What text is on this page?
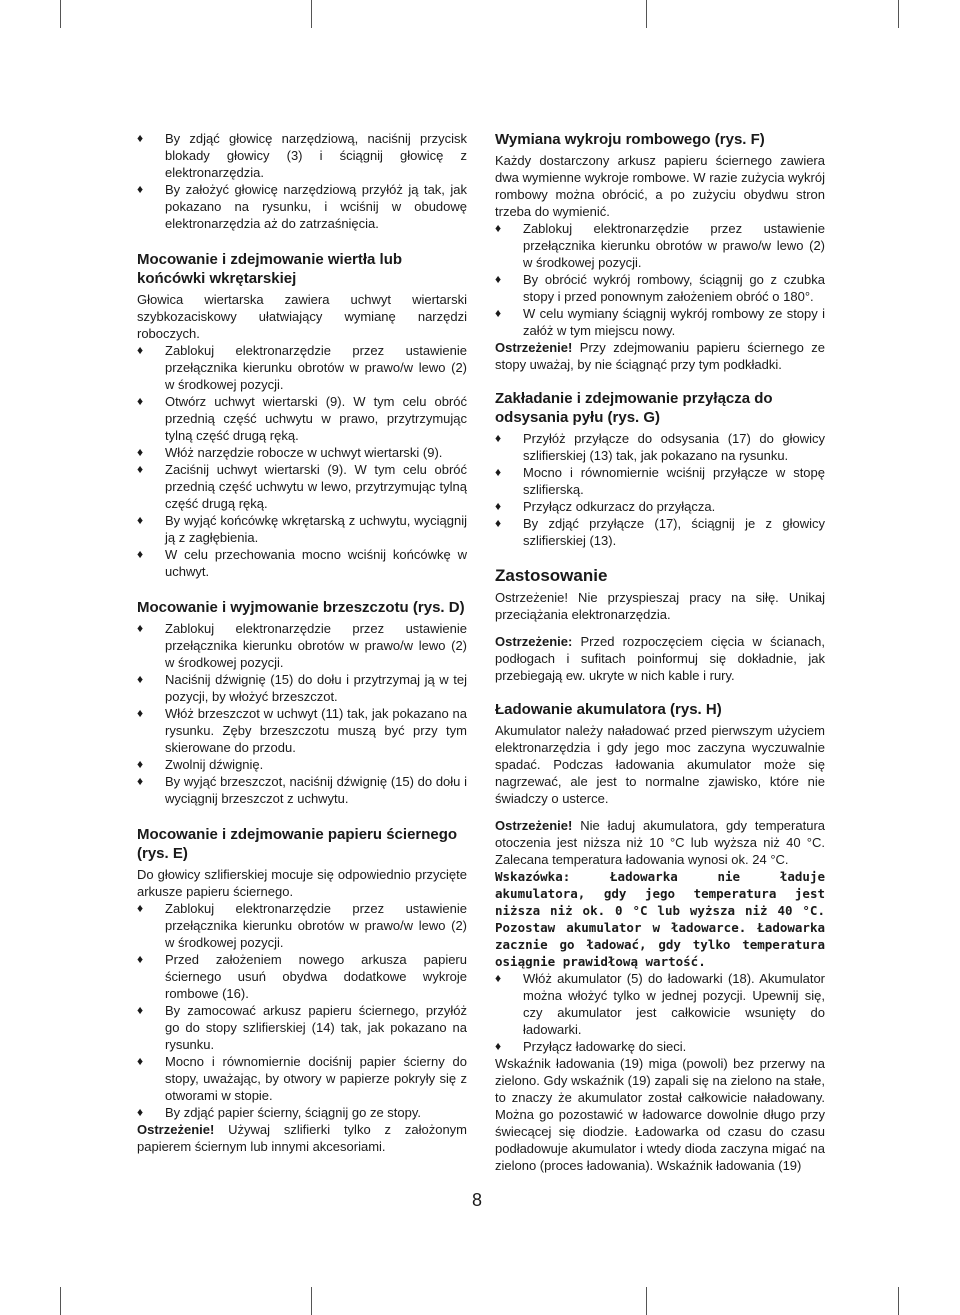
♦ By zdjąć głowicę narzędziową, naciśnij przycisk blokady głowicy (3) i ściągnij głowicę z elektronarzędzia.
♦ By założyć głowicę narzędziową przyłóż ją tak, jak pokazano na rysunku, i wciśnij w obudowę elektronarzędzia aż do zatrzaśnięcia.
Mocowanie i zdejmowanie wiertła lub końcówki wkrętarskiej

Głowica wiertarska zawiera uchwyt wiertarski szybkozaciskowy ułatwiający wymianę narzędzi roboczych.

♦ Zablokuj elektronarzędzie przez ustawienie przełącznika kierunku obrotów w prawo/w lewo (2) w środkowej pozycji.
♦ Otwórz uchwyt wiertarski (9). W tym celu obróć przednią część uchwytu w prawo, przytrzymując tylną część drugą ręką.
♦ Włóż narzędzie robocze w uchwyt wiertarski (9).
♦ Zaciśnij uchwyt wiertarski (9). W tym celu obróć przednią część uchwytu w lewo, przytrzymując tylną część drugą ręką.
♦ By wyjąć końcówkę wkrętarską z uchwytu, wyciągnij ją z zagłębienia.
♦ W celu przechowania mocno wciśnij końcówkę w uchwyt.
Mocowanie i wyjmowanie brzeszczotu (rys. D)
♦ Zablokuj elektronarzędzie przez ustawienie przełącznika kierunku obrotów w prawo/w lewo (2) w środkowej pozycji.
♦ Naciśnij dźwignię (15) do dołu i przytrzymaj ją w tej pozycji, by włożyć brzeszczot.
♦ Włóż brzeszczot w uchwyt (11) tak, jak pokazano na rysunku. Zęby brzeszczotu muszą być przy tym skierowane do przodu.
♦ Zwolnij dźwignię.
♦ By wyjąć brzeszczot, naciśnij dźwignię (15) do dołu i wyciągnij brzeszczot z uchwytu.
Mocowanie i zdejmowanie papieru ściernego (rys. E)

Do głowicy szlifierskiej mocuje się odpowiednio przycięte arkusze papieru ściernego.

♦ Zablokuj elektronarzędzie przez ustawienie przełącznika kierunku obrotów w prawo/w lewo (2) w środkowej pozycji.
♦ Przed założeniem nowego arkusza papieru ściernego usuń obydwa dodatkowe wykroje rombowe (16).
♦ By zamocować arkusz papieru ściernego, przyłóż go do stopy szlifierskiej (14) tak, jak pokazano na rysunku.
♦ Mocno i równomiernie dociśnij papier ścierny do stopy, uważając, by otwory w papierze pokryły się z otworami w stopie.
♦ By zdjąć papier ścierny, ściągnij go ze stopy.

Ostrzeżenie! Używaj szlifierki tylko z założonym papierem ściernym lub innymi akcesoriami.

Wymiana wykroju rombowego (rys. F)

Każdy dostarczony arkusz papieru ściernego zawiera dwa wymienne wykroje rombowe. W razie zużycia wykrój rombowy można obrócić, a po zużyciu obydwu stron trzeba do wymienić.

♦ Zablokuj elektronarzędzie przez ustawienie przełącznika kierunku obrotów w prawo/w lewo (2) w środkowej pozycji.
♦ By obrócić wykrój rombowy, ściągnij go z czubka stopy i przed ponownym założeniem obróć o 180°.
♦ W celu wymiany ściągnij wykrój rombowy ze stopy i załóż w tym miejscu nowy.

Ostrzeżenie! Przy zdejmowaniu papieru ściernego ze stopy uważaj, by nie ściągnąć przy tym podkładki.

Zakładanie i zdejmowanie przyłącza do odsysania pyłu (rys. G)
♦ Przyłóż przyłącze do odsysania (17) do głowicy szlifierskiej (13) tak, jak pokazano na rysunku.
♦ Mocno i równomiernie wciśnij przyłącze w stopę szlifierską.
♦ Przyłącz odkurzacz do przyłącza.
♦ By zdjąć przyłącze (17), ściągnij je z głowicy szlifierskiej (13).
Zastosowanie

Ostrzeżenie! Nie przyspieszaj pracy na siłę. Unikaj przeciążania elektronarzędzia.

Ostrzeżenie: Przed rozpoczęciem cięcia w ścianach, podłogach i sufitach poinformuj się dokładnie, jak przebiegają ew. ukryte w nich kable i rury.

Ładowanie akumulatora (rys. H)

Akumulator należy naładować przed pierwszym użyciem elektronarzędzia i gdy jego moc zaczyna wyczuwalnie spadać. Podczas ładowania akumulator może się nagrzewać, ale jest to normalne zjawisko, które nie świadczy o usterce.

Ostrzeżenie! Nie ładuj akumulatora, gdy temperatura otoczenia jest niższa niż 10 °C lub wyższa niż 40 °C. Zalecana temperatura ładowania wynosi ok. 24 °C.

Wskazówka: Ładowarka nie ładuje akumulatora, gdy jego temperatura jest niższa niż ok. 0 °C lub wyższa niż 40 °C. Pozostaw akumulator w ładowarce. Ładowarka zacznie go ładować, gdy tylko temperatura osiągnie prawidłową wartość.

♦ Włóż akumulator (5) do ładowarki (18). Akumulator można włożyć tylko w jednej pozycji. Upewnij się, czy akumulator jest całkowicie wsunięty do ładowarki.
♦ Przyłącz ładowarkę do sieci.

Wskaźnik ładowania (19) miga (powoli) bez przerwy na zielono. Gdy wskaźnik (19) zapali się na zielono na stałe, to znaczy że akumulator został całkowicie naładowany. Można go pozostawić w ładowarce dowolnie długo przy świecącej się diodzie. Ładowarka od czasu do czasu podładowuje akumulator i wtedy dioda zaczyna migać na zielono (proces ładowania). Wskaźnik ładowania (19)

8
